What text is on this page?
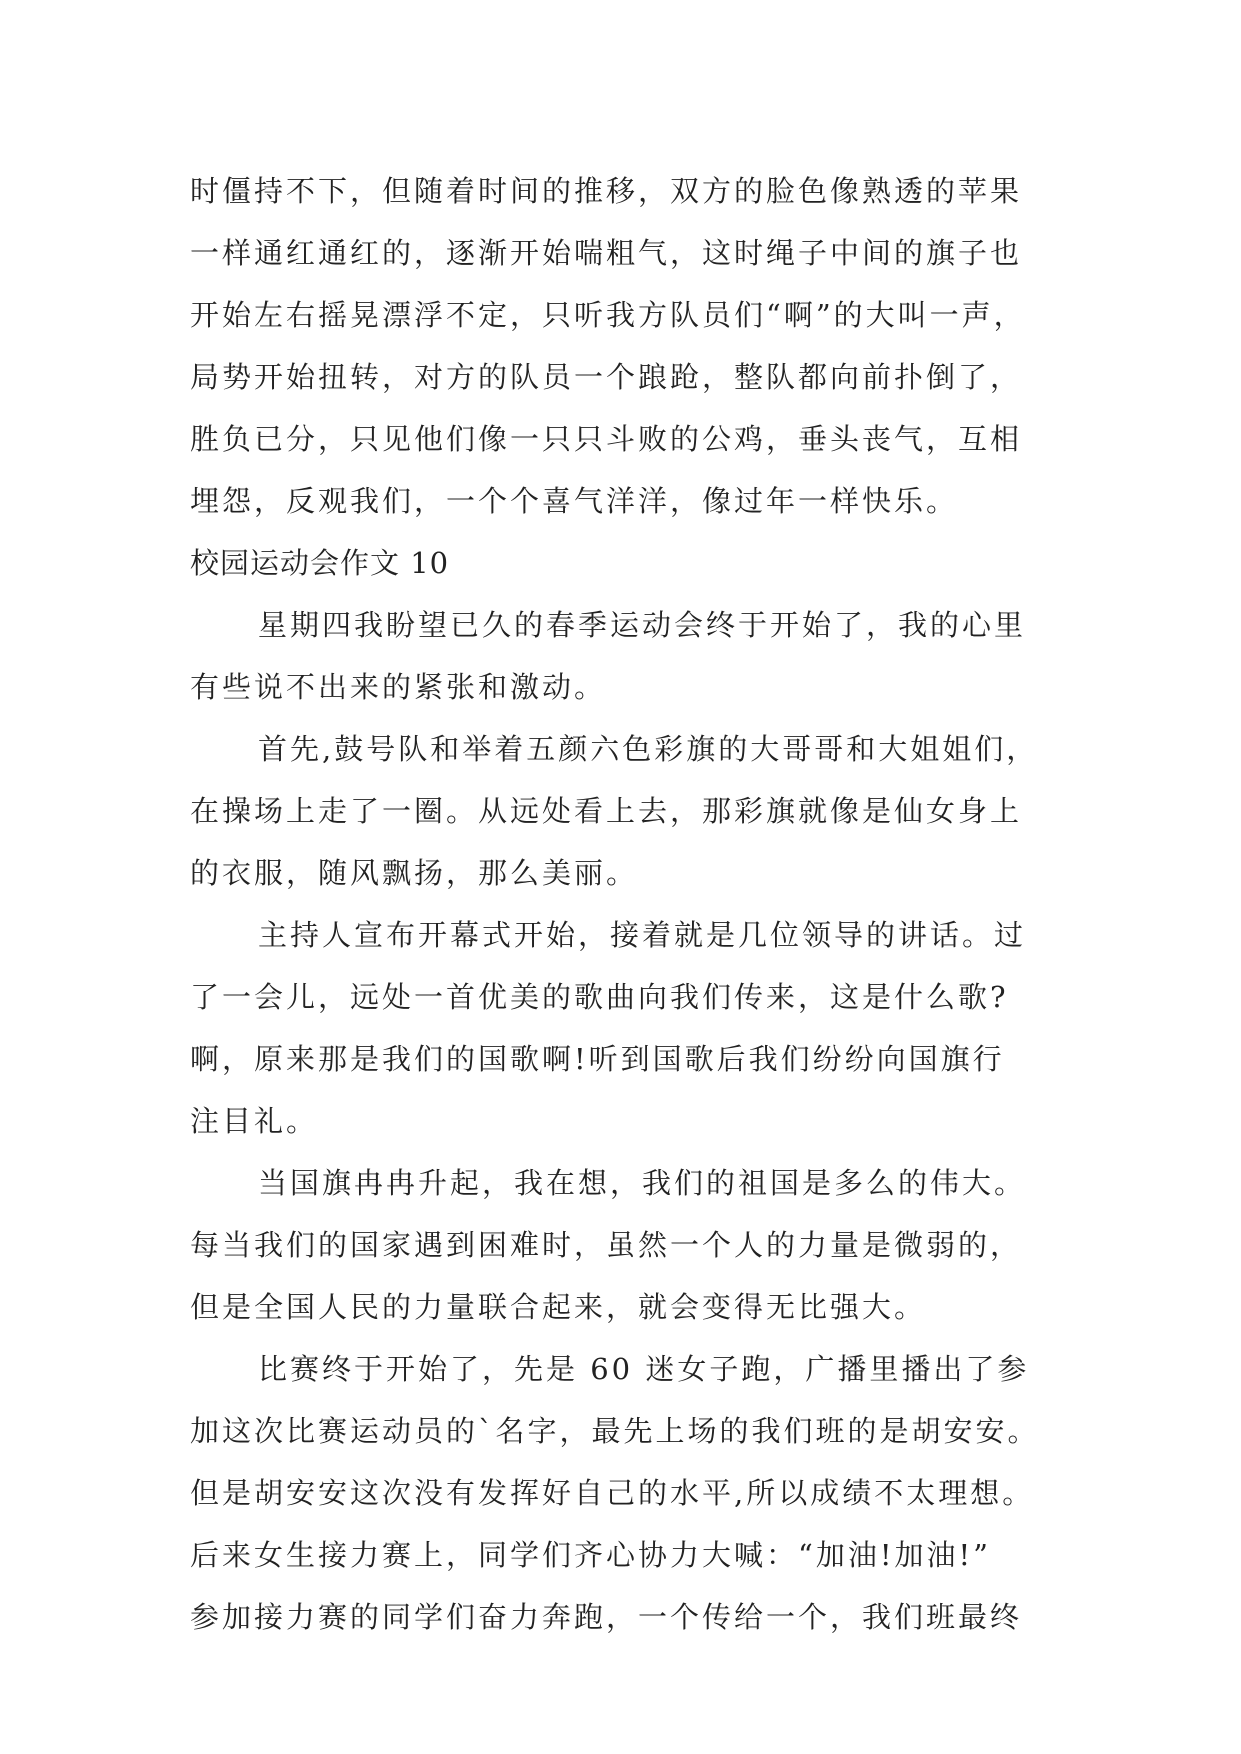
时僵持不下，但随着时间的推移，双方的脸色像熟透的苹果
一样通红通红的，逐渐开始喘粗气，这时绳子中间的旗子也
开始左右摇晃漂浮不定，只听我方队员们“啊”的大叫一声，
局势开始扭转，对方的队员一个踉跄，整队都向前扑倒了，
胜负已分，只见他们像一只只斗败的公鸡，垂头丧气，互相
埋怨，反观我们，一个个喜气洋洋，像过年一样快乐。
校园运动会作文 10
星期四我盼望已久的春季运动会终于开始了，我的心里
有些说不出来的紧张和激动。
首先,鼓号队和举着五颜六色彩旗的大哥哥和大姐姐们，
在操场上走了一圈。从远处看上去，那彩旗就像是仙女身上
的衣服，随风飘扬，那么美丽。
主持人宣布开幕式开始，接着就是几位领导的讲话。过
了一会儿，远处一首优美的歌曲向我们传来，这是什么歌?
啊，原来那是我们的国歌啊!听到国歌后我们纷纷向国旗行
注目礼。
当国旗冉冉升起，我在想，我们的祖国是多么的伟大。
每当我们的国家遇到困难时，虽然一个人的力量是微弱的，
但是全国人民的力量联合起来，就会变得无比强大。
比赛终于开始了，先是 60 迷女子跑，广播里播出了参
加这次比赛运动员的`名字，最先上场的我们班的是胡安安。
但是胡安安这次没有发挥好自己的水平,所以成绩不太理想。
后来女生接力赛上，同学们齐心协力大喊：“加油!加油!”
参加接力赛的同学们奋力奔跑，一个传给一个，我们班最终
